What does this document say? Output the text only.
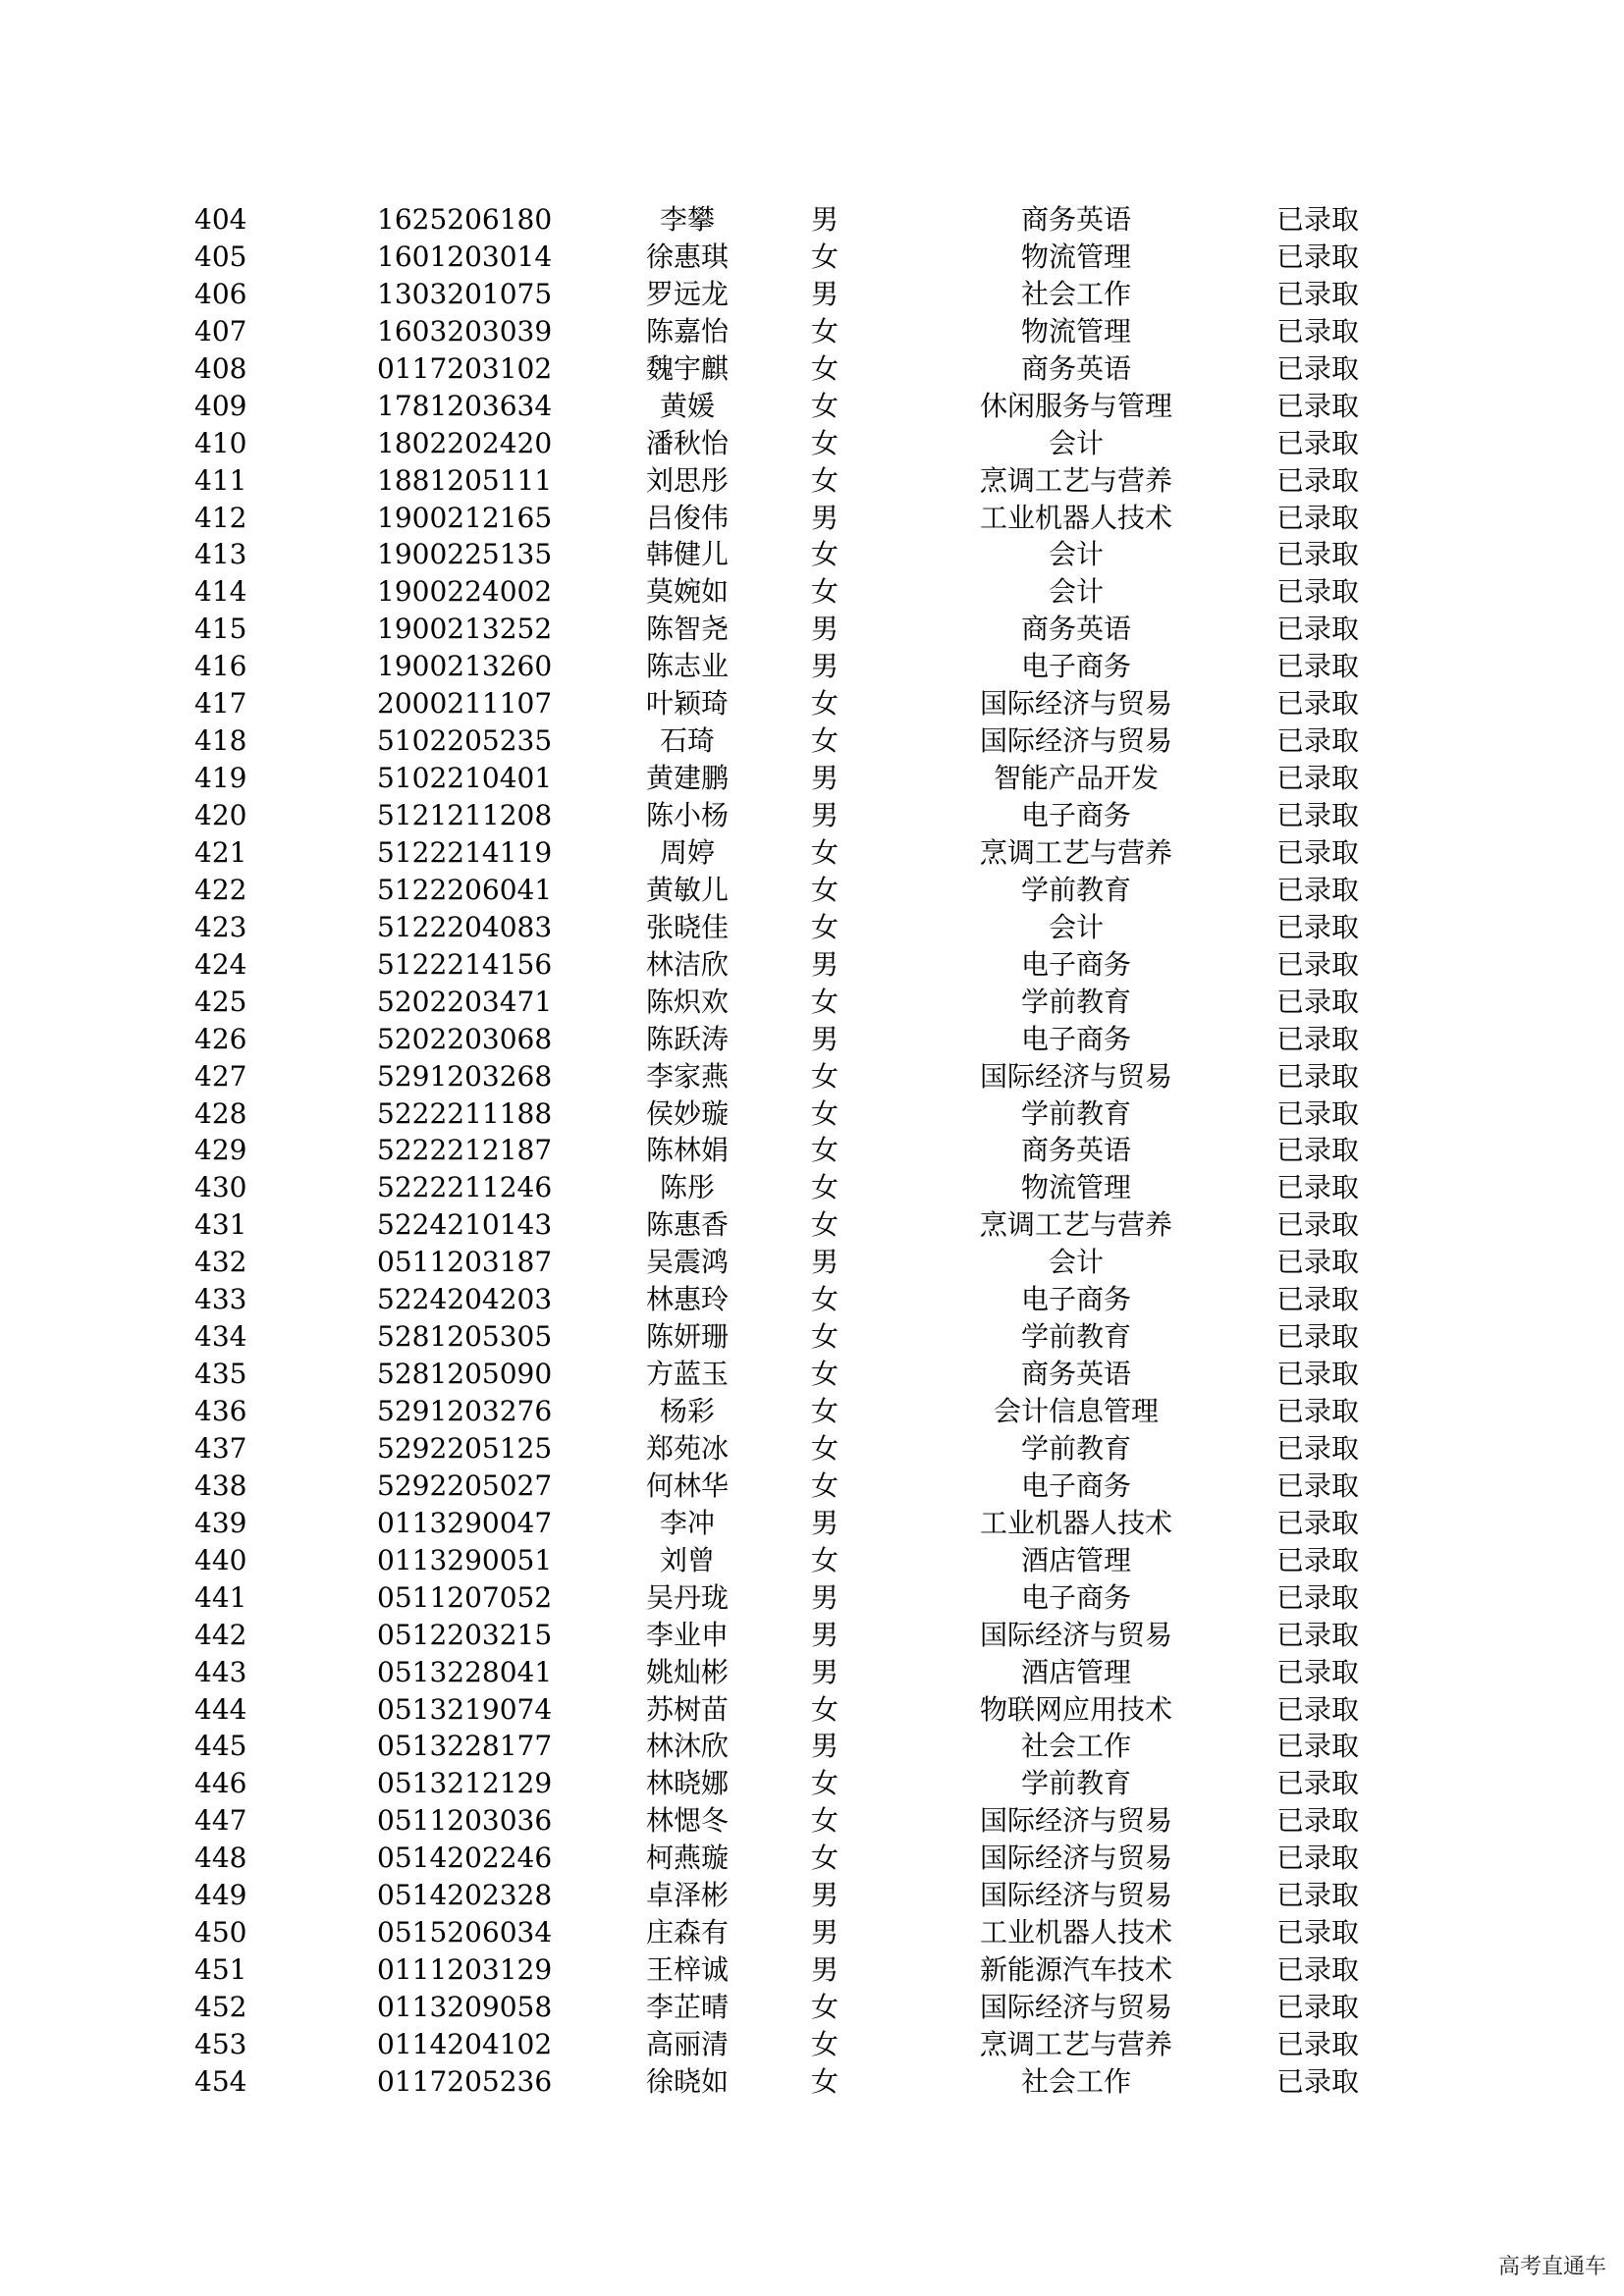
404	1625206180	李攀	男	商务英语	已录取
405	1601203014	徐惠琪	女	物流管理	已录取
406	1303201075	罗远龙	男	社会工作	已录取
407	1603203039	陈嘉怡	女	物流管理	已录取
408	0117203102	魏宇麒	女	商务英语	已录取
409	1781203634	黄媛	女	休闲服务与管理	已录取
410	1802202420	潘秋怡	女	会计	已录取
411	1881205111	刘思彤	女	烹调工艺与营养	已录取
412	1900212165	吕俊伟	男	工业机器人技术	已录取
413	1900225135	韩健儿	女	会计	已录取
414	1900224002	莫婉如	女	会计	已录取
415	1900213252	陈智尧	男	商务英语	已录取
416	1900213260	陈志业	男	电子商务	已录取
417	2000211107	叶颖琦	女	国际经济与贸易	已录取
418	5102205235	石琦	女	国际经济与贸易	已录取
419	5102210401	黄建鹏	男	智能产品开发	已录取
420	5121211208	陈小杨	男	电子商务	已录取
421	5122214119	周婷	女	烹调工艺与营养	已录取
422	5122206041	黄敏儿	女	学前教育	已录取
423	5122204083	张晓佳	女	会计	已录取
424	5122214156	林洁欣	男	电子商务	已录取
425	5202203471	陈炽欢	女	学前教育	已录取
426	5202203068	陈跃涛	男	电子商务	已录取
427	5291203268	李家燕	女	国际经济与贸易	已录取
428	5222211188	侯妙璇	女	学前教育	已录取
429	5222212187	陈林娟	女	商务英语	已录取
430	5222211246	陈彤	女	物流管理	已录取
431	5224210143	陈惠香	女	烹调工艺与营养	已录取
432	0511203187	吴震鸿	男	会计	已录取
433	5224204203	林惠玲	女	电子商务	已录取
434	5281205305	陈妍珊	女	学前教育	已录取
435	5281205090	方蓝玉	女	商务英语	已录取
436	5291203276	杨彩	女	会计信息管理	已录取
437	5292205125	郑苑冰	女	学前教育	已录取
438	5292205027	何林华	女	电子商务	已录取
439	0113290047	李冲	男	工业机器人技术	已录取
440	0113290051	刘曾	女	酒店管理	已录取
441	0511207052	吴丹珑	男	电子商务	已录取
442	0512203215	李业申	男	国际经济与贸易	已录取
443	0513228041	姚灿彬	男	酒店管理	已录取
444	0513219074	苏树苗	女	物联网应用技术	已录取
445	0513228177	林沐欣	男	社会工作	已录取
446	0513212129	林晓娜	女	学前教育	已录取
447	0511203036	林愢冬	女	国际经济与贸易	已录取
448	0514202246	柯燕璇	女	国际经济与贸易	已录取
449	0514202328	卓泽彬	男	国际经济与贸易	已录取
450	0515206034	庄森有	男	工业机器人技术	已录取
451	0111203129	王梓诚	男	新能源汽车技术	已录取
452	0113209058	李芷晴	女	国际经济与贸易	已录取
453	0114204102	高丽清	女	烹调工艺与营养	已录取
454	0117205236	徐晓如	女	社会工作	已录取
高考直通车
